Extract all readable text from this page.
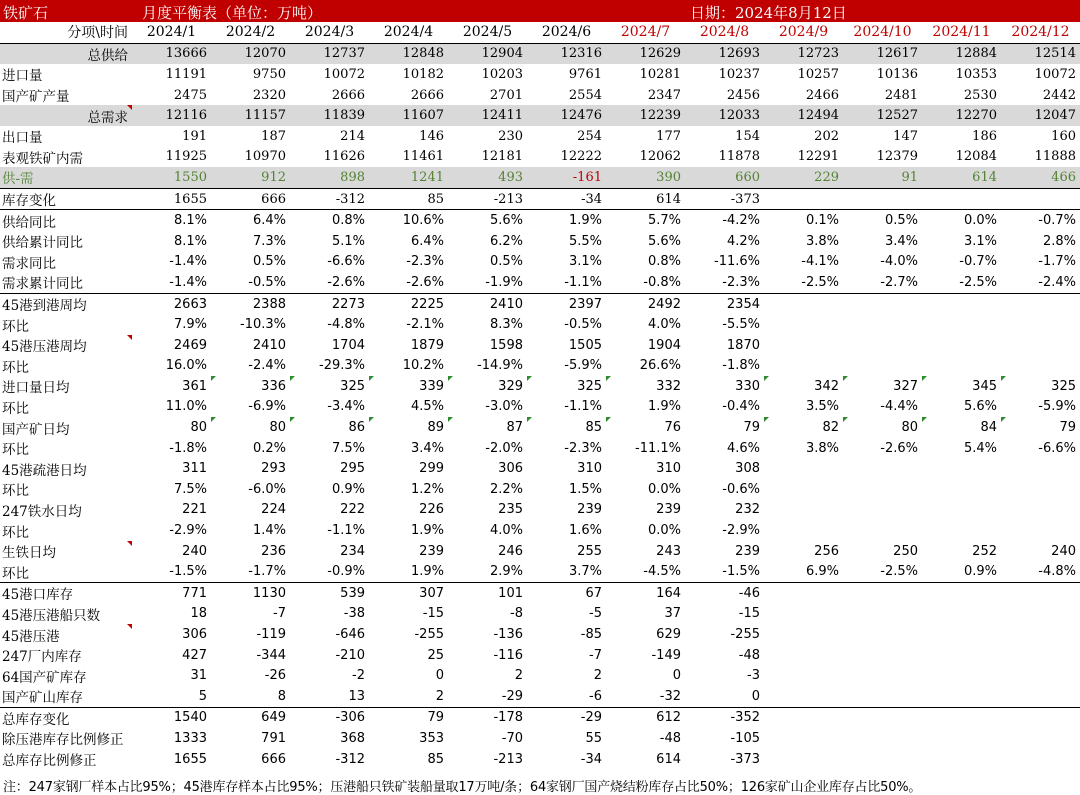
铁矿石	月度平衡表（单位：万吨）	日期：2024年8月12日
分项\时间	2024/1	2024/2	2024/3	2024/4	2024/5	2024/6	2024/7	2024/8	2024/9	2024/10	2024/11	2024/12
总供给	13666	12070	12737	12848	12904	12316	12629	12693	12723	12617	12884	12514
进口量	11191	9750	10072	10182	10203	9761	10281	10237	10257	10136	10353	10072
国产矿产量	2475	2320	2666	2666	2701	2554	2347	2456	2466	2481	2530	2442
总需求	12116	11157	11839	11607	12411	12476	12239	12033	12494	12527	12270	12047
出口量	191	187	214	146	230	254	177	154	202	147	186	160
表观铁矿内需	11925	10970	11626	11461	12181	12222	12062	11878	12291	12379	12084	11888
供-需	1550	912	898	1241	493	-161	390	660	229	91	614	466
库存变化	1655	666	-312	85	-213	-34	614	-373				
供给同比	8.1%	6.4%	0.8%	10.6%	5.6%	1.9%	5.7%	-4.2%	0.1%	0.5%	0.0%	-0.7%
供给累计同比	8.1%	7.3%	5.1%	6.4%	6.2%	5.5%	5.6%	4.2%	3.8%	3.4%	3.1%	2.8%
需求同比	-1.4%	0.5%	-6.6%	-2.3%	0.5%	3.1%	0.8%	-11.6%	-4.1%	-4.0%	-0.7%	-1.7%
需求累计同比	-1.4%	-0.5%	-2.6%	-2.6%	-1.9%	-1.1%	-0.8%	-2.3%	-2.5%	-2.7%	-2.5%	-2.4%
45港到港周均	2663	2388	2273	2225	2410	2397	2492	2354				
环比	7.9%	-10.3%	-4.8%	-2.1%	8.3%	-0.5%	4.0%	-5.5%				
45港压港周均	2469	2410	1704	1879	1598	1505	1904	1870				
环比	16.0%	-2.4%	-29.3%	10.2%	-14.9%	-5.9%	26.6%	-1.8%				
进口量日均	361	336	325	339	329	325	332	330	342	327	345	325
环比	11.0%	-6.9%	-3.4%	4.5%	-3.0%	-1.1%	1.9%	-0.4%	3.5%	-4.4%	5.6%	-5.9%
国产矿日均	80	80	86	89	87	85	76	79	82	80	84	79
环比	-1.8%	0.2%	7.5%	3.4%	-2.0%	-2.3%	-11.1%	4.6%	3.8%	-2.6%	5.4%	-6.6%
45港疏港日均	311	293	295	299	306	310	310	308				
环比	7.5%	-6.0%	0.9%	1.2%	2.2%	1.5%	0.0%	-0.6%				
247铁水日均	221	224	222	226	235	239	239	232				
环比	-2.9%	1.4%	-1.1%	1.9%	4.0%	1.6%	0.0%	-2.9%				
生铁日均	240	236	234	239	246	255	243	239	256	250	252	240
环比	-1.5%	-1.7%	-0.9%	1.9%	2.9%	3.7%	-4.5%	-1.5%	6.9%	-2.5%	0.9%	-4.8%
45港口库存	771	1130	539	307	101	67	164	-46				
45港压港船只数	18	-7	-38	-15	-8	-5	37	-15				
45港压港	306	-119	-646	-255	-136	-85	629	-255				
247厂内库存	427	-344	-210	25	-116	-7	-149	-48				
64国产矿库存	31	-26	-2	0	2	2	0	-3				
国产矿山库存	5	8	13	2	-29	-6	-32	0				
总库存变化	1540	649	-306	79	-178	-29	612	-352				
除压港库存比例修正	1333	791	368	353	-70	55	-48	-105				
总库存比例修正	1655	666	-312	85	-213	-34	614	-373				
注：247家钢厂样本占比95%；45港库存样本占比95%；压港船只铁矿装船量取17万吨/条；64家钢厂国产烧结粉库存占比50%；126家矿山企业库存占比50%。
